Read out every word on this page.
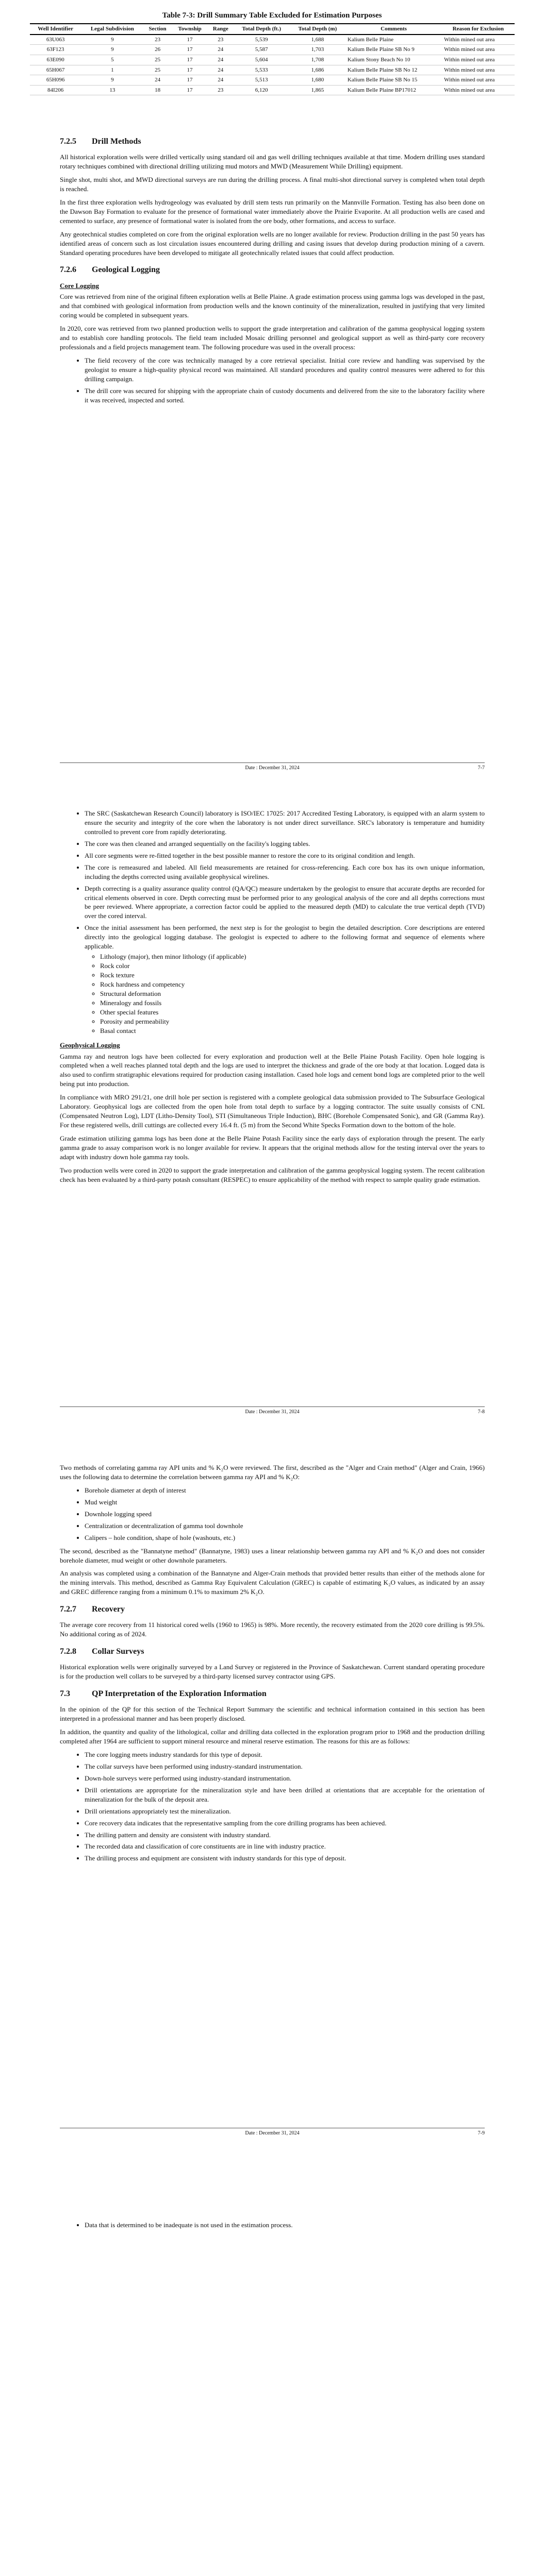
Table 7-3: Drill Summary Table Excluded for Estimation Purposes
Well Identifier	Legal Subdivision	Section	Township	Range	Total Depth (ft.)	Total Depth (m)	Comments	Reason for Exclusion
63U063	9	23	17	23	5,539	1,688	Kalium Belle Plaine	Within mined out area
63F123	9	26	17	24	5,587	1,703	Kalium Belle Plaine SB No 9	Within mined out area
63E090	5	25	17	24	5,604	1,708	Kalium Stony Beach No 10	Within mined out area
65H067	1	25	17	24	5,533	1,686	Kalium Belle Plaine SB No 12	Within mined out area
65H096	9	24	17	24	5,513	1,680	Kalium Belle Plaine SB No 15	Within mined out area
84I206	13	18	17	23	6,120	1,865	Kalium Belle Plaine BP17012	Within mined out area
7.2.5 Drill Methods

All historical exploration wells were drilled vertically using standard oil and gas well drilling techniques available at that time. Modern drilling uses standard rotary techniques combined with directional drilling utilizing mud motors and MWD (Measurement While Drilling) equipment.

Single shot, multi shot, and MWD directional surveys are run during the drilling process. A final multi-shot directional survey is completed when total depth is reached.

In the first three exploration wells hydrogeology was evaluated by drill stem tests run primarily on the Mannville Formation. Testing has also been done on the Dawson Bay Formation to evaluate for the presence of formational water immediately above the Prairie Evaporite. At all production wells are cased and cemented to surface, any presence of formational water is isolated from the ore body, other formations, and access to surface.

Any geotechnical studies completed on core from the original exploration wells are no longer available for review. Production drilling in the past 50 years has identified areas of concern such as lost circulation issues encountered during drilling and casing issues that develop during production mining of a cavern. Standard operating procedures have been developed to mitigate all geotechnically related issues that could affect production.

7.2.6 Geological Logging
Core Logging

Core was retrieved from nine of the original fifteen exploration wells at Belle Plaine. A grade estimation process using gamma logs was developed in the past, and that combined with geological information from production wells and the known continuity of the mineralization, resulted in justifying that very limited coring would be completed in subsequent years.

In 2020, core was retrieved from two planned production wells to support the grade interpretation and calibration of the gamma geophysical logging system and to establish core handling protocols. The field team included Mosaic drilling personnel and geological support as well as third-party core recovery professionals and a field projects management team. The following procedure was used in the overall process:

• The field recovery of the core was technically managed by a core retrieval specialist. Initial core review and handling was supervised by the geologist to ensure a high-quality physical record was maintained. All standard procedures and quality control measures were adhered to for this drilling campaign.
• The drill core was secured for shipping with the appropriate chain of custody documents and delivered from the site to the laboratory facility where it was received, inspected and sorted.
Date : December 31, 2024	7-7
• The SRC (Saskatchewan Research Council) laboratory is ISO/IEC 17025: 2017 Accredited Testing Laboratory, is equipped with an alarm system to ensure the security and integrity of the core when the laboratory is not under direct surveillance. SRC's laboratory is temperature and humidity controlled to prevent core from rapidly deteriorating.
• The core was then cleaned and arranged sequentially on the facility's logging tables.
• All core segments were re-fitted together in the best possible manner to restore the core to its original condition and length.
• The core is remeasured and labeled. All field measurements are retained for cross-referencing. Each core box has its own unique information, including the depths corrected using available geophysical wirelines.
• Depth correcting is a quality assurance quality control (QA/QC) measure undertaken by the geologist to ensure that accurate depths are recorded for critical elements observed in core. Depth correcting must be performed prior to any geological analysis of the core and all depths corrections must be peer reviewed. Where appropriate, a correction factor could be applied to the measured depth (MD) to calculate the true vertical depth (TVD) over the cored interval.
• Once the initial assessment has been performed, the next step is for the geologist to begin the detailed description. Core descriptions are entered directly into the geological logging database. The geologist is expected to adhere to the following format and sequence of elements where applicable.
◦ Lithology (major), then minor lithology (if applicable)
◦ Rock color
◦ Rock texture
◦ Rock hardness and competency
◦ Structural deformation
◦ Mineralogy and fossils
◦ Other special features
◦ Porosity and permeability
◦ Basal contact
Geophysical Logging

Gamma ray and neutron logs have been collected for every exploration and production well at the Belle Plaine Potash Facility. Open hole logging is completed when a well reaches planned total depth and the logs are used to interpret the thickness and grade of the ore body at that location. Logged data is also used to confirm stratigraphic elevations required for production casing installation. Cased hole logs and cement bond logs are completed prior to the well being put into production.

In compliance with MRO 291/21, one drill hole per section is registered with a complete geological data submission provided to The Subsurface Geological Laboratory. Geophysical logs are collected from the open hole from total depth to surface by a logging contractor. The suite usually consists of CNL (Compensated Neutron Log), LDT (Litho-Density Tool), STI (Simultaneous Triple Induction), BHC (Borehole Compensated Sonic), and GR (Gamma Ray). For these registered wells, drill cuttings are collected every 16.4 ft. (5 m) from the Second White Specks Formation down to the bottom of the hole.

Grade estimation utilizing gamma logs has been done at the Belle Plaine Potash Facility since the early days of exploration through the present. The early gamma grade to assay comparison work is no longer available for review. It appears that the original methods allow for the testing interval over the years to adapt with industry down hole gamma ray tools.

Two production wells were cored in 2020 to support the grade interpretation and calibration of the gamma geophysical logging system. The recent calibration check has been evaluated by a third-party potash consultant (RESPEC) to ensure applicability of the method with respect to sample quality grade estimation.

Date : December 31, 2024	7-8

Two methods of correlating gamma ray API units and % K₂O were reviewed. The first, described as the "Alger and Crain method" (Alger and Crain, 1966) uses the following data to determine the correlation between gamma ray API and % K₂O:

• Borehole diameter at depth of interest
• Mud weight
• Downhole logging speed
• Centralization or decentralization of gamma tool downhole
• Calipers – hole condition, shape of hole (washouts, etc.)

The second, described as the "Bannatyne method" (Bannatyne, 1983) uses a linear relationship between gamma ray API and % K₂O and does not consider borehole diameter, mud weight or other downhole parameters.

An analysis was completed using a combination of the Bannatyne and Alger-Crain methods that provided better results than either of the methods alone for the mining intervals. This method, described as Gamma Ray Equivalent Calculation (GREC) is capable of estimating K₂O values, as indicated by an assay and GREC difference ranging from a minimum 0.1% to maximum 2% K₂O.

7.2.7 Recovery

The average core recovery from 11 historical cored wells (1960 to 1965) is 98%. More recently, the recovery estimated from the 2020 core drilling is 99.5%. No additional coring as of 2024.

7.2.8 Collar Surveys

Historical exploration wells were originally surveyed by a Land Survey or registered in the Province of Saskatchewan. Current standard operating procedure is for the production well collars to be surveyed by a third-party licensed survey contractor using GPS.

7.3	QP Interpretation of the Exploration Information

In the opinion of the QP for this section of the Technical Report Summary the scientific and technical information contained in this section has been interpreted in a professional manner and has been properly disclosed.

In addition, the quantity and quality of the lithological, collar and drilling data collected in the exploration program prior to 1968 and the production drilling completed after 1964 are sufficient to support mineral resource and mineral reserve estimation. The reasons for this are as follows:

• The core logging meets industry standards for this type of deposit.
• The collar surveys have been performed using industry-standard instrumentation.
• Down-hole surveys were performed using industry-standard instrumentation.
• Drill orientations are appropriate for the mineralization style and have been drilled at orientations that are acceptable for the orientation of mineralization for the bulk of the deposit area.
• Drill orientations appropriately test the mineralization.
• Core recovery data indicates that the representative sampling from the core drilling programs has been achieved.
• The drilling pattern and density are consistent with industry standard.
• The recorded data and classification of core constituents are in line with industry practice.
• The drilling process and equipment are consistent with industry standards for this type of deposit.
Date : December 31, 2024	7-9
• Data that is determined to be inadequate is not used in the estimation process.
